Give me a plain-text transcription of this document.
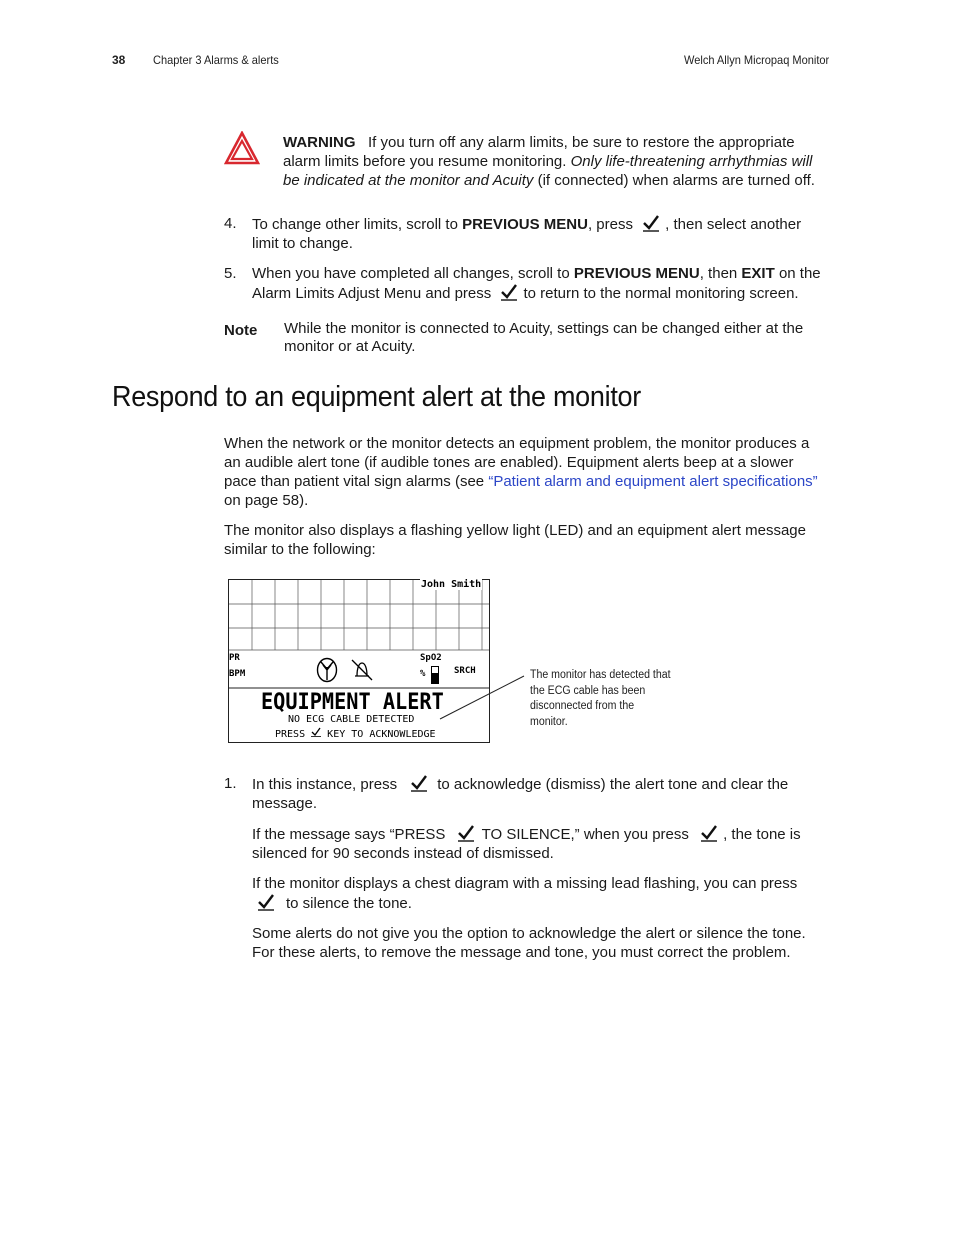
38 Chapter 3 Alarms & alerts	Welch Allyn Micropaq Monitor
WARNING If you turn off any alarm limits, be sure to restore the appropriate
alarm limits before you resume monitoring. Only life-threatening arrhythmias will
be indicated at the monitor and Acuity (if connected) when alarms are turned off.
4. To change other limits, scroll to PREVIOUS MENU, press , then select another
limit to change.
5. When you have completed all changes, scroll to PREVIOUS MENU, then EXIT on the
Alarm Limits Adjust Menu and press to return to the normal monitoring screen.
Note While the monitor is connected to Acuity, settings can be changed either at the
monitor or at Acuity.
Respond to an equipment alert at the monitor
When the network or the monitor detects an equipment problem, the monitor produces a
an audible alert tone (if audible tones are enabled). Equipment alerts beep at a slower
pace than patient vital sign alarms (see “Patient alarm and equipment alert specifications”
on page 58).
The monitor also displays a flashing yellow light (LED) and an equipment alert message
similar to the following:
John Smith
PR
BPM
SpO2
%	SRCH
EQUIPMENT ALERT
NO ECG CABLE DETECTED
PRESS KEY TO ACKNOWLEDGE
The monitor has detected that
the ECG cable has been
disconnected from the
monitor.
1. In this instance, press	to acknowledge (dismiss) the alert tone and clear the
message.
If the message says “PRESS TO SILENCE,” when you press , the tone is
silenced for 90 seconds instead of dismissed.
If the monitor displays a chest diagram with a missing lead flashing, you can press
to silence the tone.
Some alerts do not give you the option to acknowledge the alert or silence the tone.
For these alerts, to remove the message and tone, you must correct the problem.
